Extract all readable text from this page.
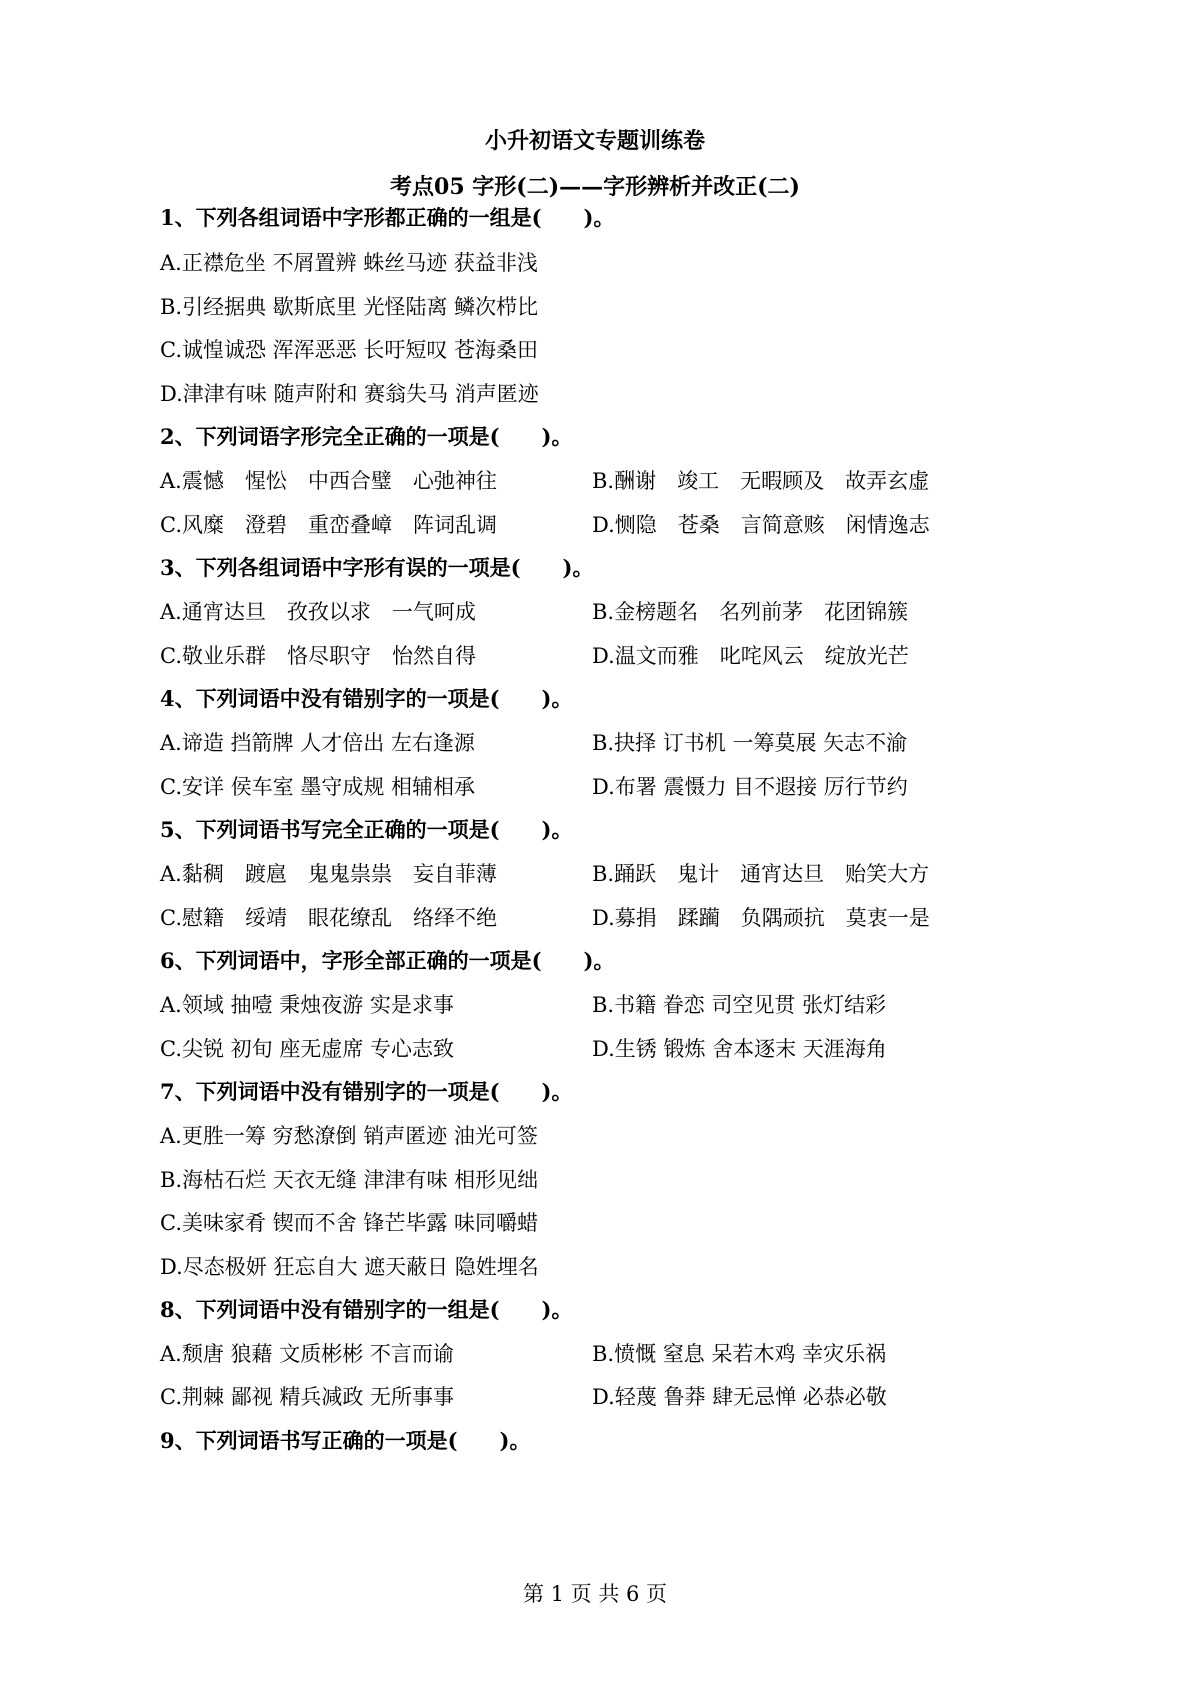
小升初语文专题训练卷
考点05 字形(二)——字形辨析并改正(二)
1、下列各组词语中字形都正确的一组是(　　)。
A.正襟危坐 不屑置辨 蛛丝马迹 获益非浅
B.引经据典 歇斯底里 光怪陆离 鳞次栉比
C.诚惶诚恐 浑浑恶恶 长吁短叹 苍海桑田
D.津津有味 随声附和 赛翁失马 消声匿迹
2、下列词语字形完全正确的一项是(　　)。
A.震憾　惺忪　中西合璧　心弛神往	B.酬谢　竣工　无暇顾及　故弄玄虚
C.风糜　澄碧　重峦叠嶂　阵词乱调	D.恻隐　苍桑　言简意赅　闲情逸志
3、下列各组词语中字形有误的一项是(　　)。
A.通宵达旦　孜孜以求　一气呵成	B.金榜题名　名列前茅　花团锦簇
C.敬业乐群　恪尽职守　怡然自得	D.温文而雅　叱咤风云　绽放光芒
4、下列词语中没有错别字的一项是(　　)。
A.谛造 挡箭牌 人才倍出 左右逢源	B.抉择 订书机 一筹莫展 矢志不渝
C.安详 侯车室 墨守成规 相辅相承	D.布署 震慑力 目不遐接 厉行节约
5、下列词语书写完全正确的一项是(　　)。
A.黏稠　踱扈　鬼鬼祟祟　妄自菲薄	B.踊跃　鬼计　通宵达旦　贻笑大方
C.慰籍　绥靖　眼花缭乱　络绎不绝	D.募捐　蹂躏　负隅顽抗　莫衷一是
6、下列词语中，字形全部正确的一项是(　　)。
A.领域 抽噎 秉烛夜游 实是求事	B.书籍 眷恋 司空见贯 张灯结彩
C.尖锐 初旬 座无虚席 专心志致	D.生锈 锻炼 舍本逐末 天涯海角
7、下列词语中没有错别字的一项是(　　)。
A.更胜一筹 穷愁潦倒 销声匿迹 油光可签
B.海枯石烂 天衣无缝 津津有味 相形见绌
C.美味家肴 锲而不舍 锋芒毕露 味同嚼蜡
D.尽态极妍 狂忘自大 遮天蔽日 隐姓埋名
8、下列词语中没有错别字的一组是(　　)。
A.颓唐 狼藉 文质彬彬 不言而谕	B.愤慨 窒息 呆若木鸡 幸灾乐祸
C.荆棘 鄙视 精兵减政 无所事事	D.轻蔑 鲁莽 肆无忌惮 必恭必敬
9、下列词语书写正确的一项是(　　)。
第 1 页 共 6 页
